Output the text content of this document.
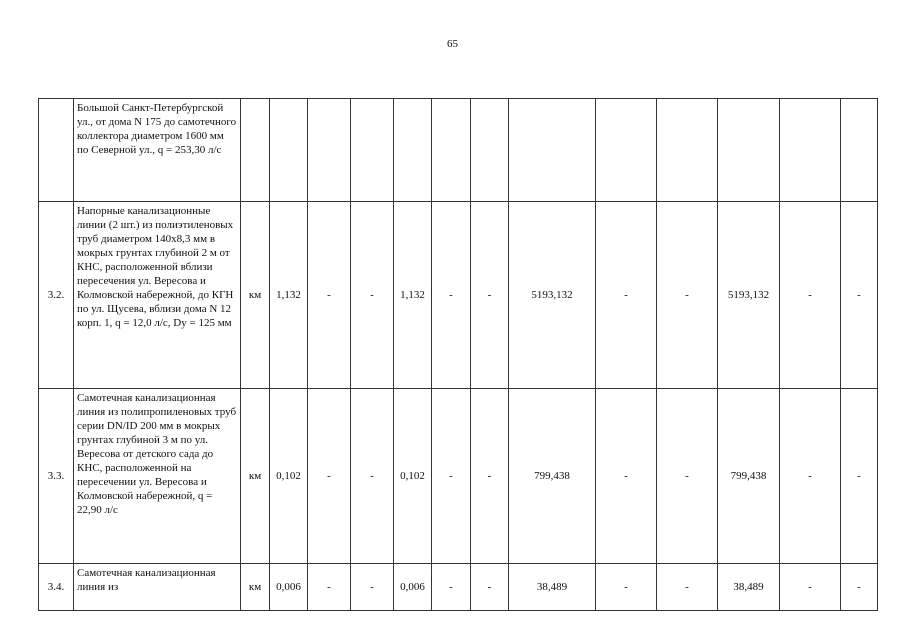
65
	Большой Санкт-Петербургской ул., от дома N 175 до самотечного коллектора диаметром 1600 мм по Северной ул., q = 253,30 л/с													
3.2.	Напорные канализационные линии (2 шт.) из полиэтиленовых труб диаметром 140х8,3 мм в мокрых грунтах глубиной 2 м от КНС, расположенной вблизи пересечения ул. Вересова и Колмовской набережной, до КГН по ул. Щусева, вблизи дома N 12 корп. 1, q = 12,0 л/с, Dy = 125 мм	км	1,132	-	-	1,132	-	-	5193,132	-	-	5193,132	-	-
3.3.	Самотечная канализационная линия из полипропиленовых труб серии DN/ID 200 мм в мокрых грунтах глубиной 3 м по ул. Вересова от детского сада до КНС, расположенной на пересечении ул. Вересова и Колмовской набережной, q = 22,90 л/с	км	0,102	-	-	0,102	-	-	799,438	-	-	799,438	-	-
3.4.	Самотечная канализационная линия из	км	0,006	-	-	0,006	-	-	38,489	-	-	38,489	-	-
